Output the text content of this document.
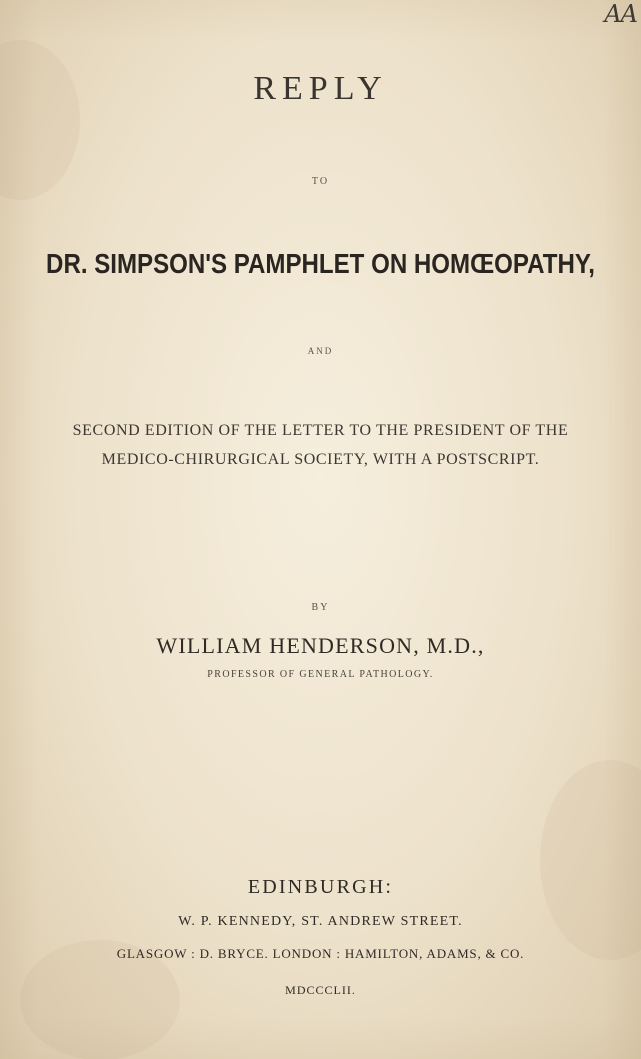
AA

REPLY

TO

DR. SIMPSON'S PAMPHLET ON HOMŒOPATHY,

AND

SECOND EDITION OF THE LETTER TO THE PRESIDENT OF THE

MEDICO-CHIRURGICAL SOCIETY, WITH A POSTSCRIPT.

BY

WILLIAM HENDERSON, M.D.,

PROFESSOR OF GENERAL PATHOLOGY.

EDINBURGH:

W. P. KENNEDY, ST. ANDREW STREET.

GLASGOW : D. BRYCE. LONDON : HAMILTON, ADAMS, & CO.

MDCCCLII.
